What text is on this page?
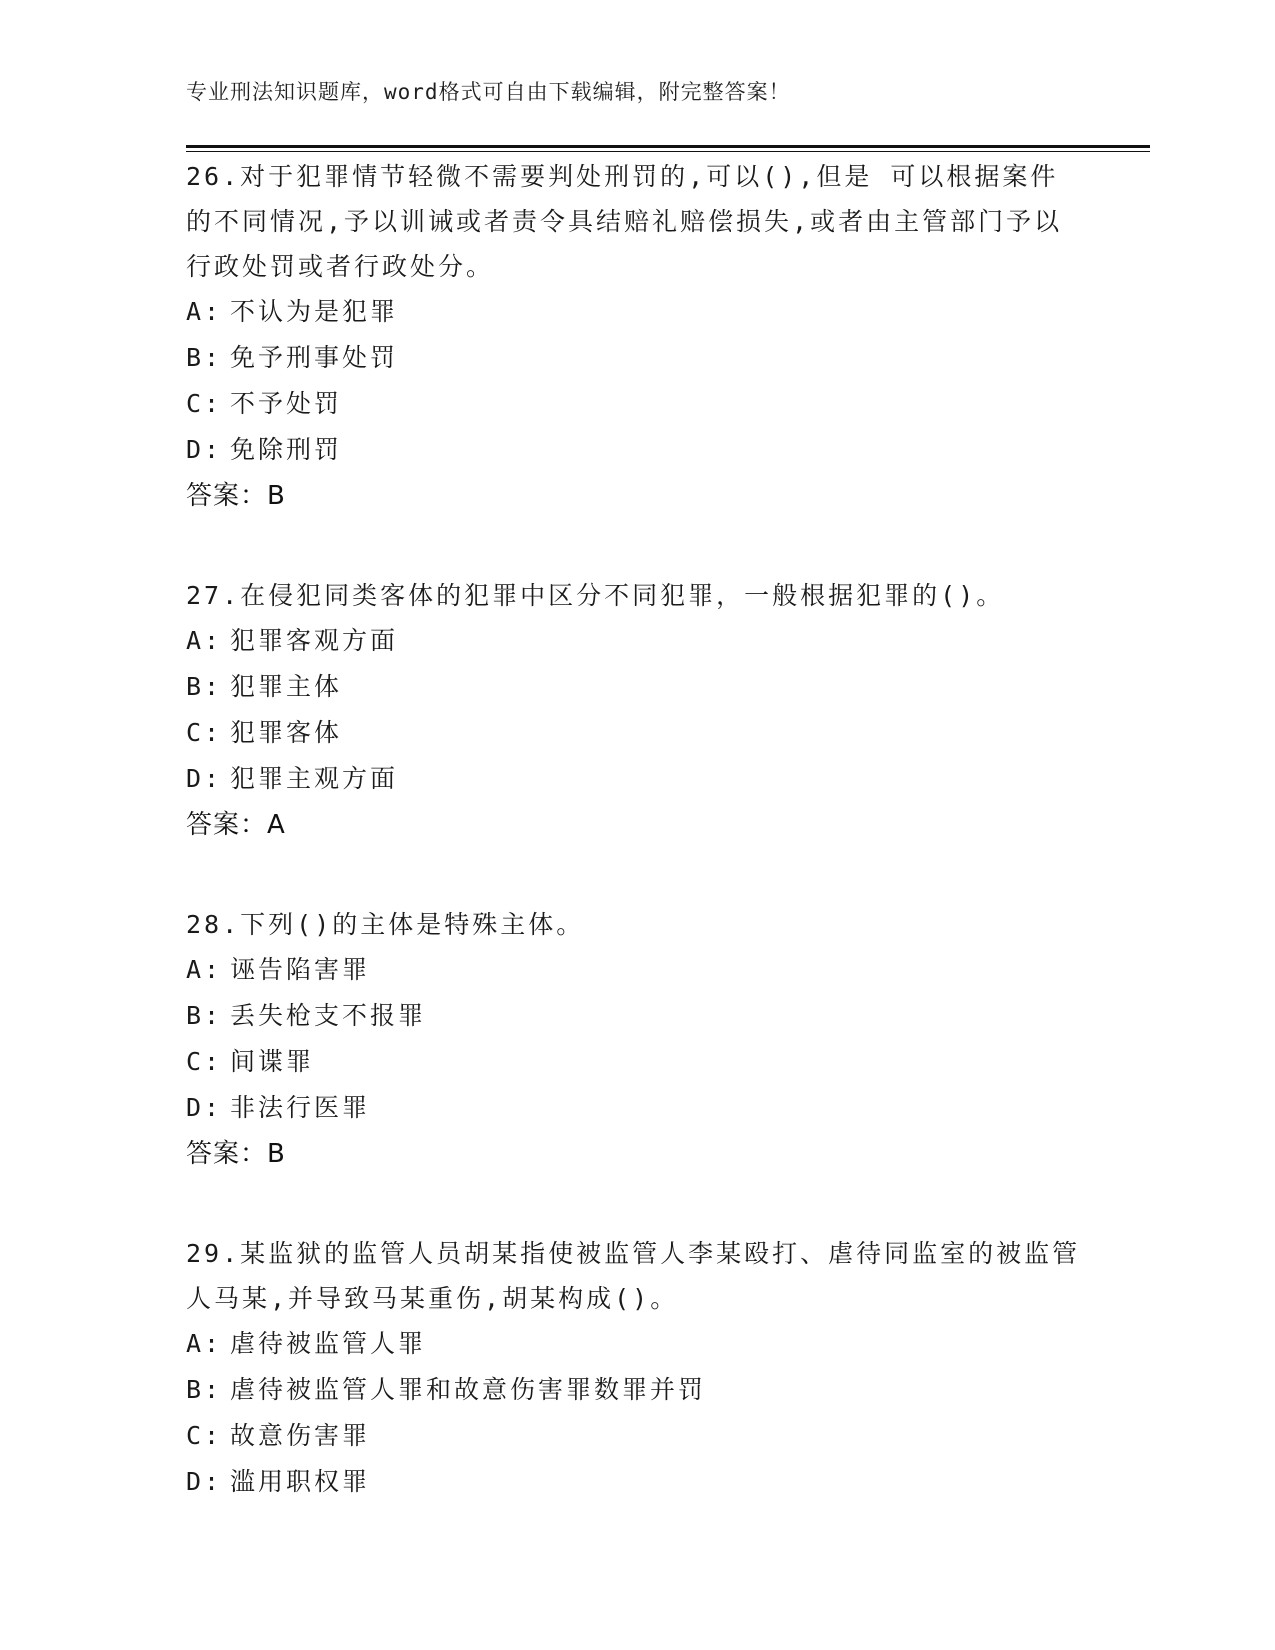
专业刑法知识题库，word格式可自由下载编辑，附完整答案！

26.对于犯罪情节轻微不需要判处刑罚的,可以(),但是 可以根据案件的不同情况,予以训诫或者责令具结赔礼赔偿损失,或者由主管部门予以行政处罚或者行政处分。

A: 不认为是犯罪
B: 免予刑事处罚
C: 不予处罚
D: 免除刑罚
答案：B

27.在侵犯同类客体的犯罪中区分不同犯罪，一般根据犯罪的()。

A: 犯罪客观方面
B: 犯罪主体
C: 犯罪客体
D: 犯罪主观方面
答案：A

28.下列()的主体是特殊主体。

A: 诬告陷害罪
B: 丢失枪支不报罪
C: 间谍罪
D: 非法行医罪
答案：B

29.某监狱的监管人员胡某指使被监管人李某殴打、虐待同监室的被监管人马某,并导致马某重伤,胡某构成()。

A: 虐待被监管人罪
B: 虐待被监管人罪和故意伤害罪数罪并罚
C: 故意伤害罪
D: 滥用职权罪
